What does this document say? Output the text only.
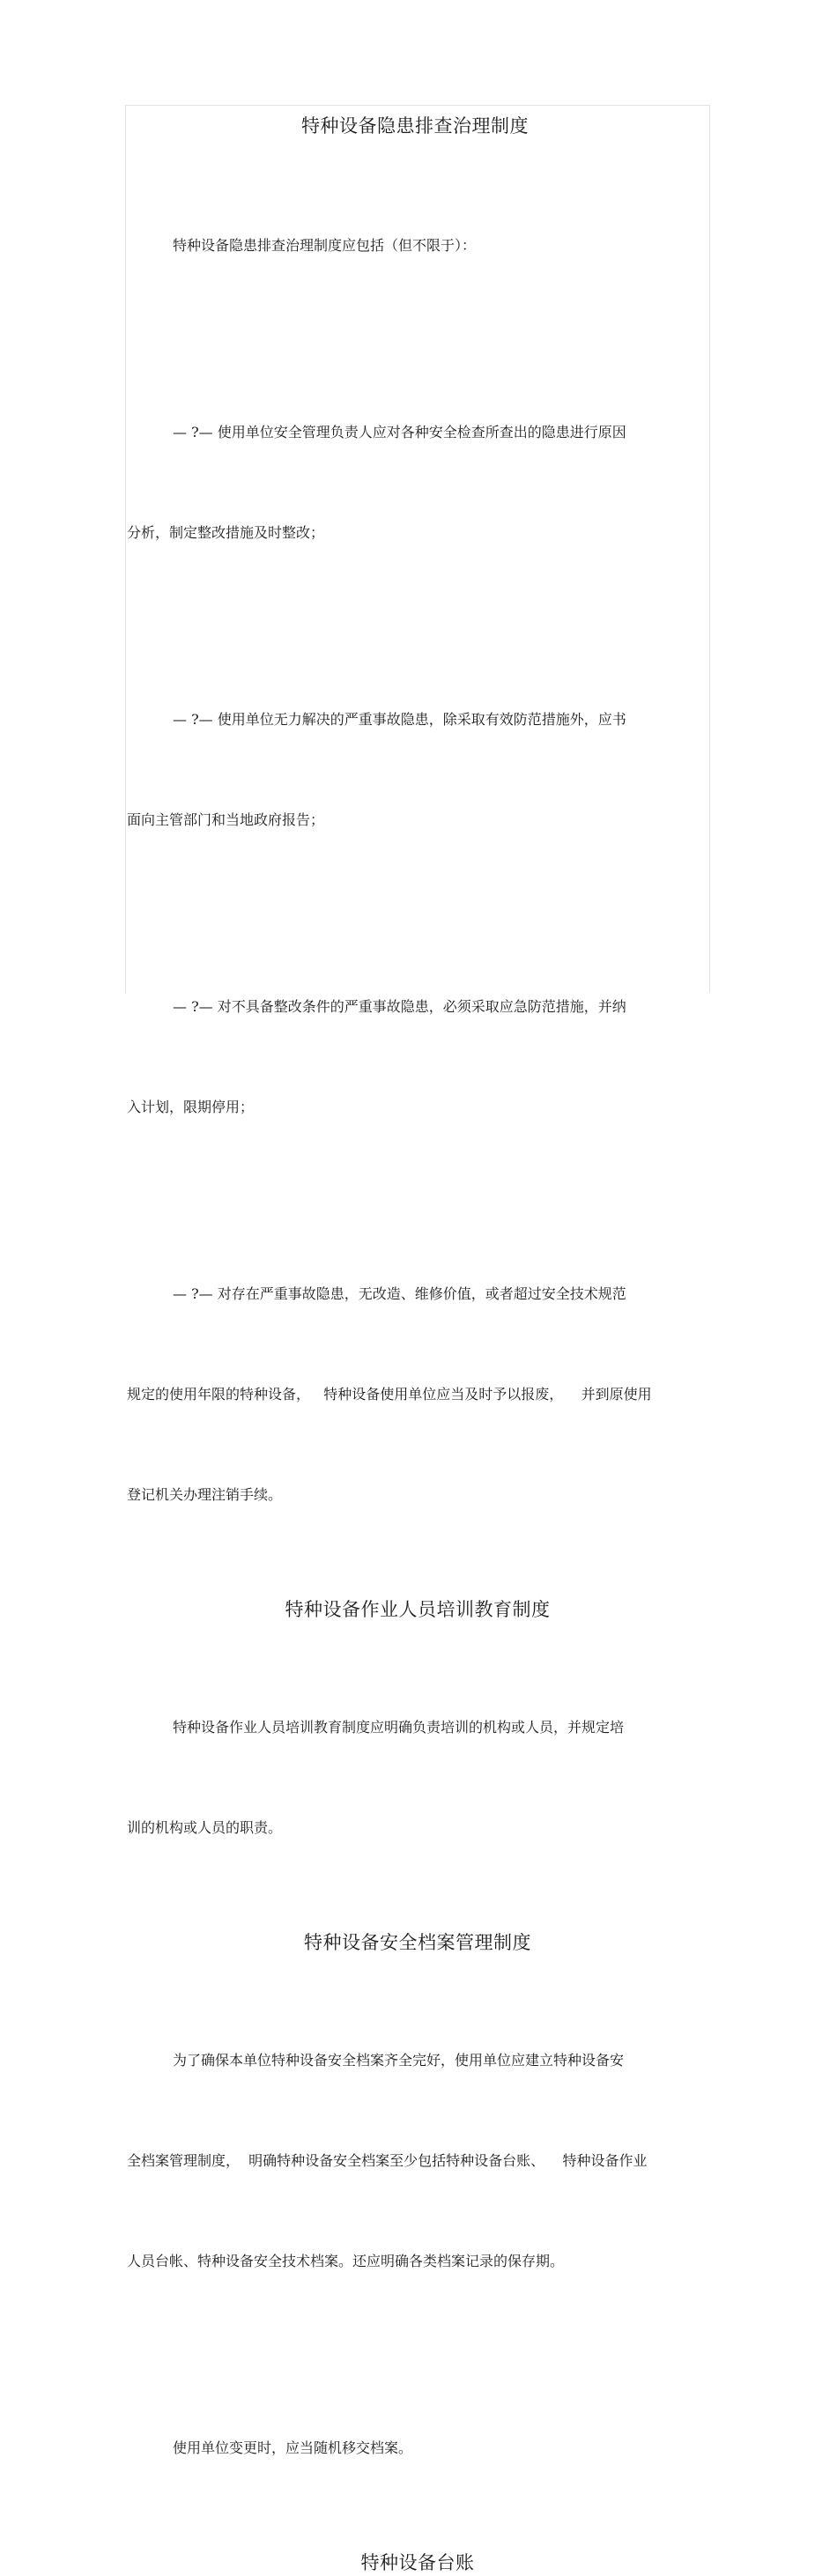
特种设备隐患排查治理制度

特种设备隐患排查治理制度应包括（但不限于）：

— ?— 使用单位安全管理负责人应对各种安全检查所查出的隐患进行原因

分析，制定整改措施及时整改；

— ?— 使用单位无力解决的严重事故隐患，除采取有效防范措施外，应书

面向主管部门和当地政府报告；

— ?— 对不具备整改条件的严重事故隐患，必须采取应急防范措施，并纳

入计划，限期停用；

— ?— 对存在严重事故隐患，无改造、维修价值，或者超过安全技术规范

规定的使用年限的特种设备，   特种设备使用单位应当及时予以报废，    并到原使用

登记机关办理注销手续。

特种设备作业人员培训教育制度

特种设备作业人员培训教育制度应明确负责培训的机构或人员，并规定培

训的机构或人员的职责。

特种设备安全档案管理制度

为了确保本单位特种设备安全档案齐全完好，使用单位应建立特种设备安

全档案管理制度，  明确特种设备安全档案至少包括特种设备台账、    特种设备作业

人员台帐、特种设备安全技术档案。还应明确各类档案记录的保存期。

使用单位变更时，应当随机移交档案。

特种设备台账
